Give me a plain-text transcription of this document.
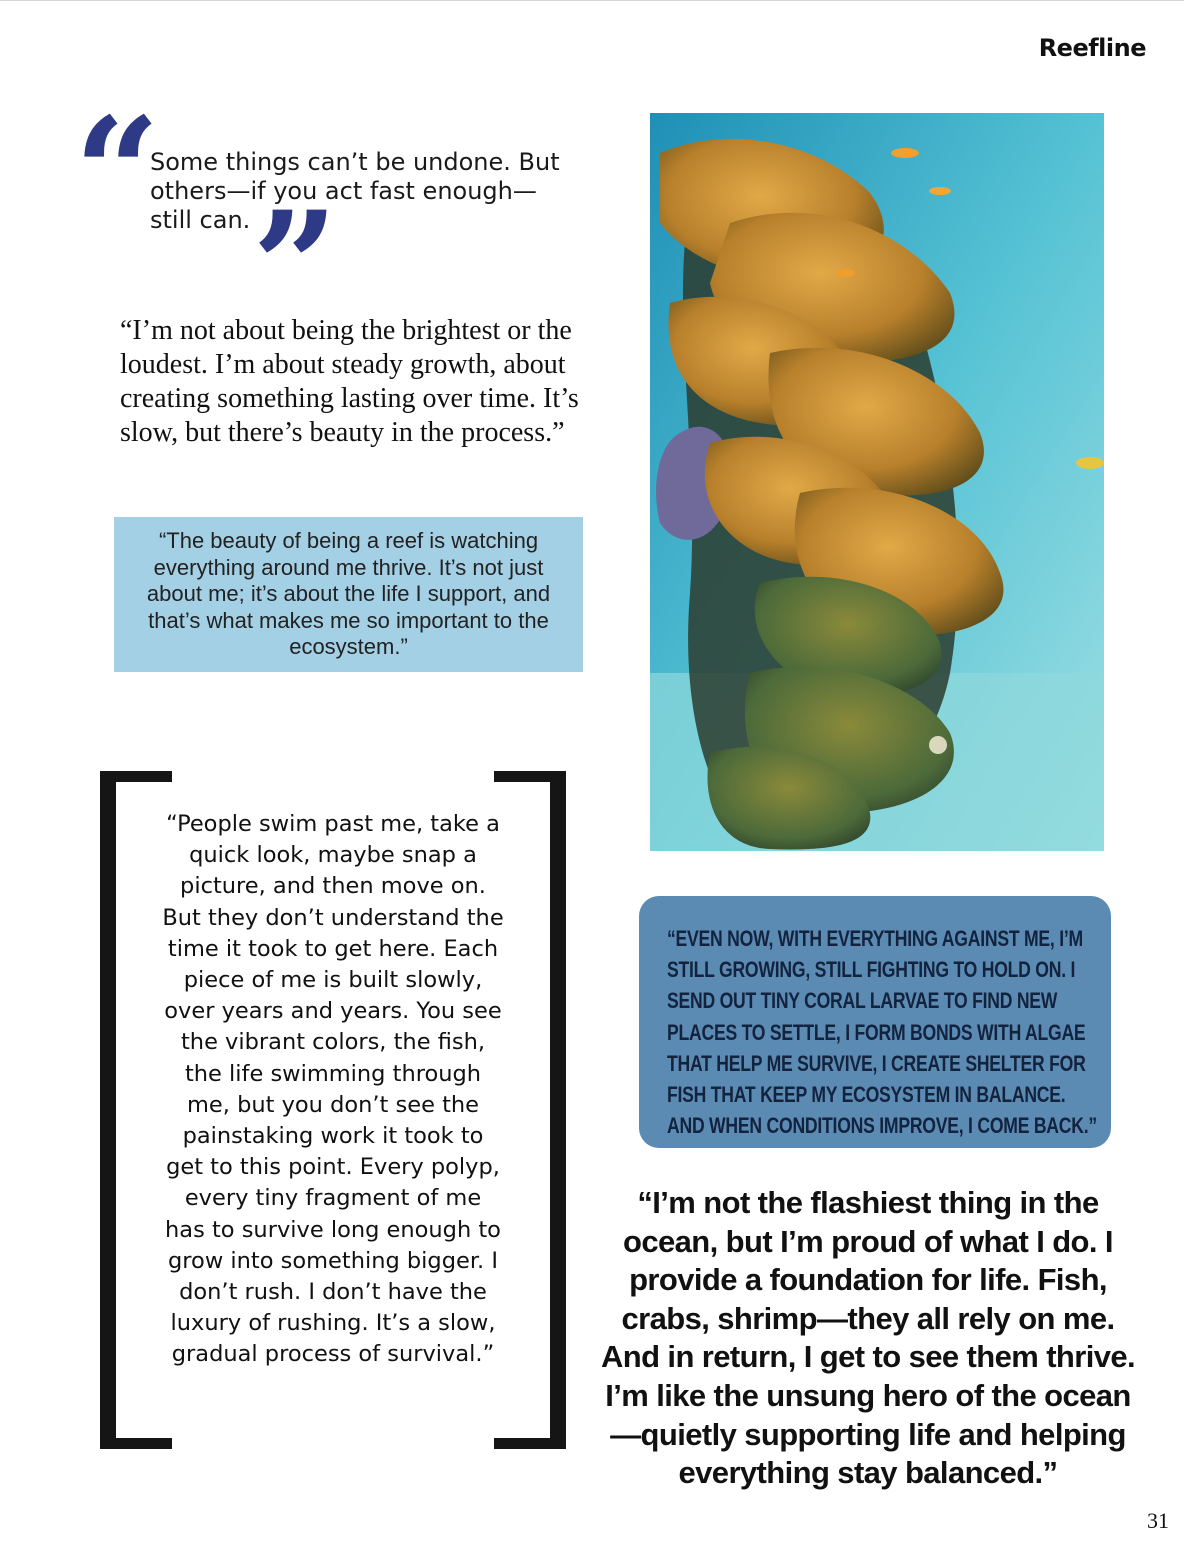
Reefline
“
Some things can’t be undone. But others—if you act fast enough—still can. ”
“I’m not about being the brightest or the loudest. I’m about steady growth, about creating something lasting over time. It’s slow, but there’s beauty in the process.”
“The beauty of being a reef is watching everything around me thrive. It’s not just about me; it’s about the life I support, and that’s what makes me so important to the ecosystem.”
“People swim past me, take a quick look, maybe snap a picture, and then move on. But they don’t understand the time it took to get here. Each piece of me is built slowly, over years and years. You see the vibrant colors, the fish, the life swimming through me, but you don’t see the painstaking work it took to get to this point. Every polyp, every tiny fragment of me has to survive long enough to grow into something bigger. I don’t rush. I don’t have the luxury of rushing. It’s a slow, gradual process of survival.”
“EVEN NOW, WITH EVERYTHING AGAINST ME, I’M STILL GROWING, STILL FIGHTING TO HOLD ON. I SEND OUT TINY CORAL LARVAE TO FIND NEW PLACES TO SETTLE, I FORM BONDS WITH ALGAE THAT HELP ME SURVIVE, I CREATE SHELTER FOR FISH THAT KEEP MY ECOSYSTEM IN BALANCE. AND WHEN CONDITIONS IMPROVE, I COME BACK.”
“I’m not the flashiest thing in the ocean, but I’m proud of what I do. I provide a foundation for life. Fish, crabs, shrimp—they all rely on me. And in return, I get to see them thrive. I’m like the unsung hero of the ocean—quietly supporting life and helping everything stay balanced.”
31
